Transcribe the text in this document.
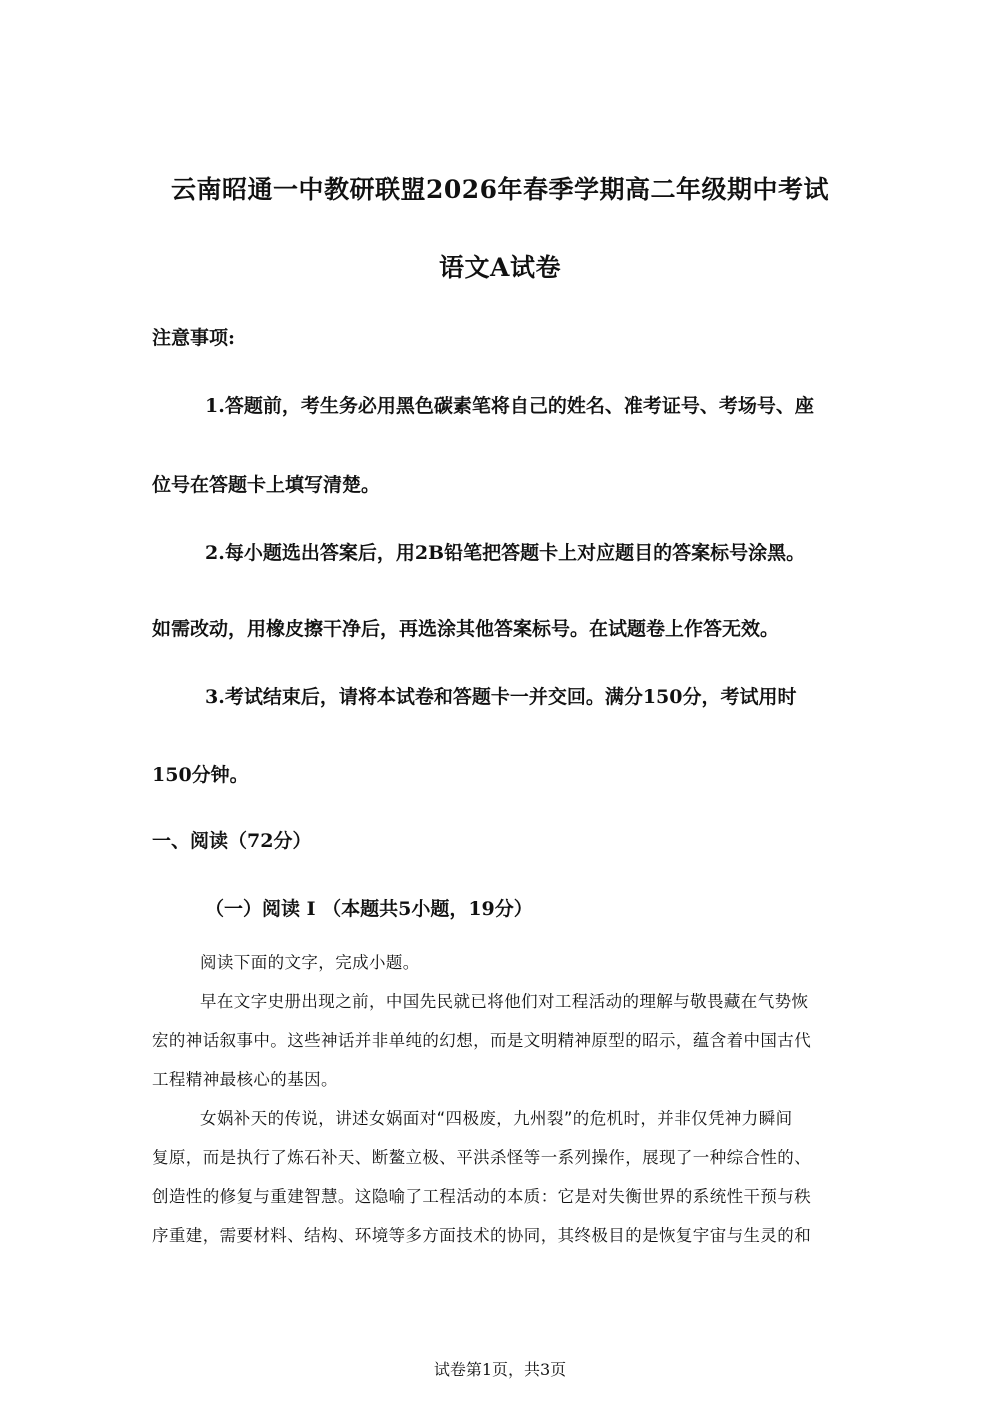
云南昭通一中教研联盟2026年春季学期高二年级期中考试
语文A试卷
注意事项:
1.答题前，考生务必用黑色碳素笔将自己的姓名、准考证号、考场号、座
位号在答题卡上填写清楚。
2.每小题选出答案后，用2B铅笔把答题卡上对应题目的答案标号涂黑。
如需改动，用橡皮擦干净后，再选涂其他答案标号。在试题卷上作答无效。
3.考试结束后，请将本试卷和答题卡一并交回。满分150分，考试用时
150分钟。
一、阅读（72分）
（一）阅读 I （本题共5小题，19分）
阅读下面的文字，完成小题。
早在文字史册出现之前，中国先民就已将他们对工程活动的理解与敬畏藏在气势恢
宏的神话叙事中。这些神话并非单纯的幻想，而是文明精神原型的昭示，蕴含着中国古代
工程精神最核心的基因。
女娲补天的传说，讲述女娲面对“四极废，九州裂”的危机时，并非仅凭神力瞬间
复原，而是执行了炼石补天、断鳌立极、平洪杀怪等一系列操作，展现了一种综合性的、
创造性的修复与重建智慧。这隐喻了工程活动的本质：它是对失衡世界的系统性干预与秩
序重建，需要材料、结构、环境等多方面技术的协同，其终极目的是恢复宇宙与生灵的和
试卷第1页，共3页
